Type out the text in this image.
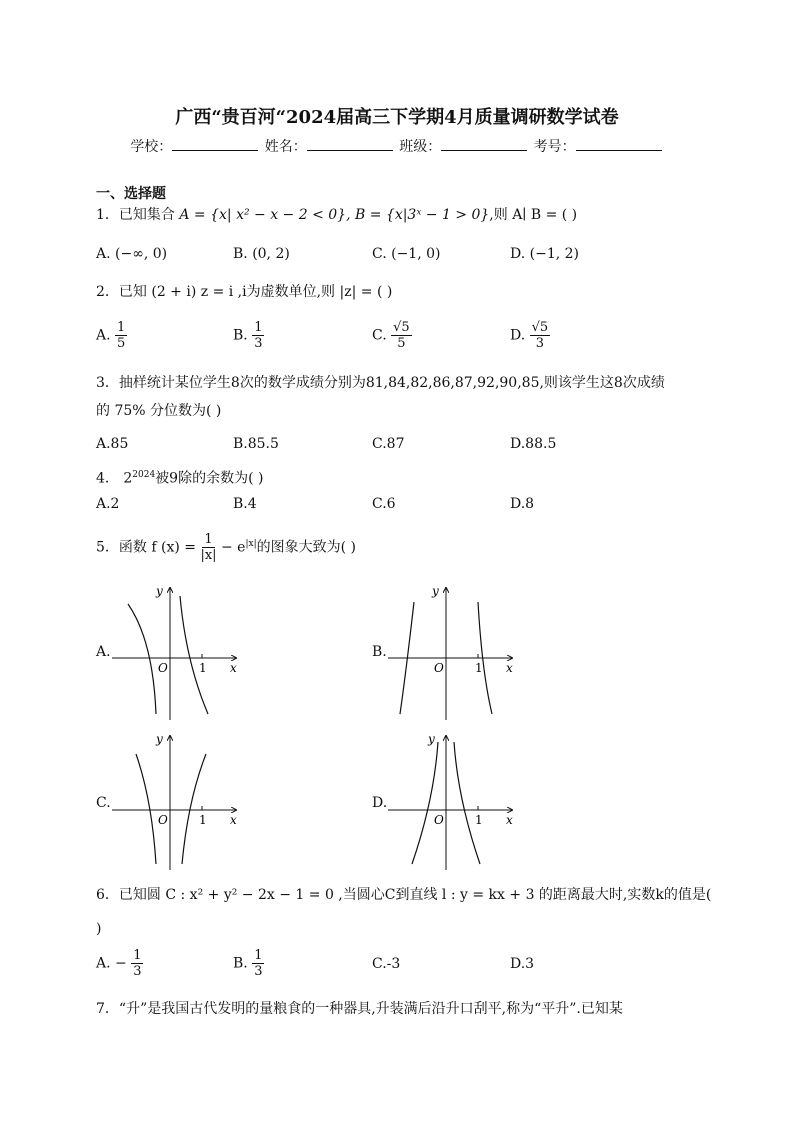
广西“贵百河“2024届高三下学期4月质量调研数学试卷
学校：	姓名：	班级：	考号：
一、选择题
1．已知集合 A = {x| x² − x − 2 < 0}, B = {x|3ˣ − 1 > 0},则 A∣ B = ( )
A. (−∞, 0)	B. (0, 2)	C. (−1, 0)	D. (−1, 2)
2．已知 (2 + i) z = i ,i为虚数单位,则 |z| = ( )
A. $\frac{1}{5}$	B. $\frac{1}{3}$	C. $\frac{√5}{5}$	D. $\frac{√5}{3}$
3．抽样统计某位学生8次的数学成绩分别为81,84,82,86,87,92,90,85,则该学生这8次成绩
的 75% 分位数为( )
A.85	B.85.5	C.87	D.88.5
4． $2^{2024}$被9除的余数为( )
A.2	B.4	C.6	D.8
5．函数 f $(x) = \frac{1}{|x|} - e^{|x|}$的图象大致为( )
A.	B.
C.	D.
y
x
O	1
y
x
O	1
y
x
O	1
y
x
O	1
6．已知圆 C : x² + y² − 2x − 1 = 0 ,当圆心C到直线 l : y = kx + 3 的距离最大时,实数k的值是(
)
A. − $\frac{1}{3}$	B. $\frac{1}{3}$	C.-3	D.3
7．“升”是我国古代发明的量粮食的一种器具,升装满后沿升口刮平,称为“平升”.已知某
